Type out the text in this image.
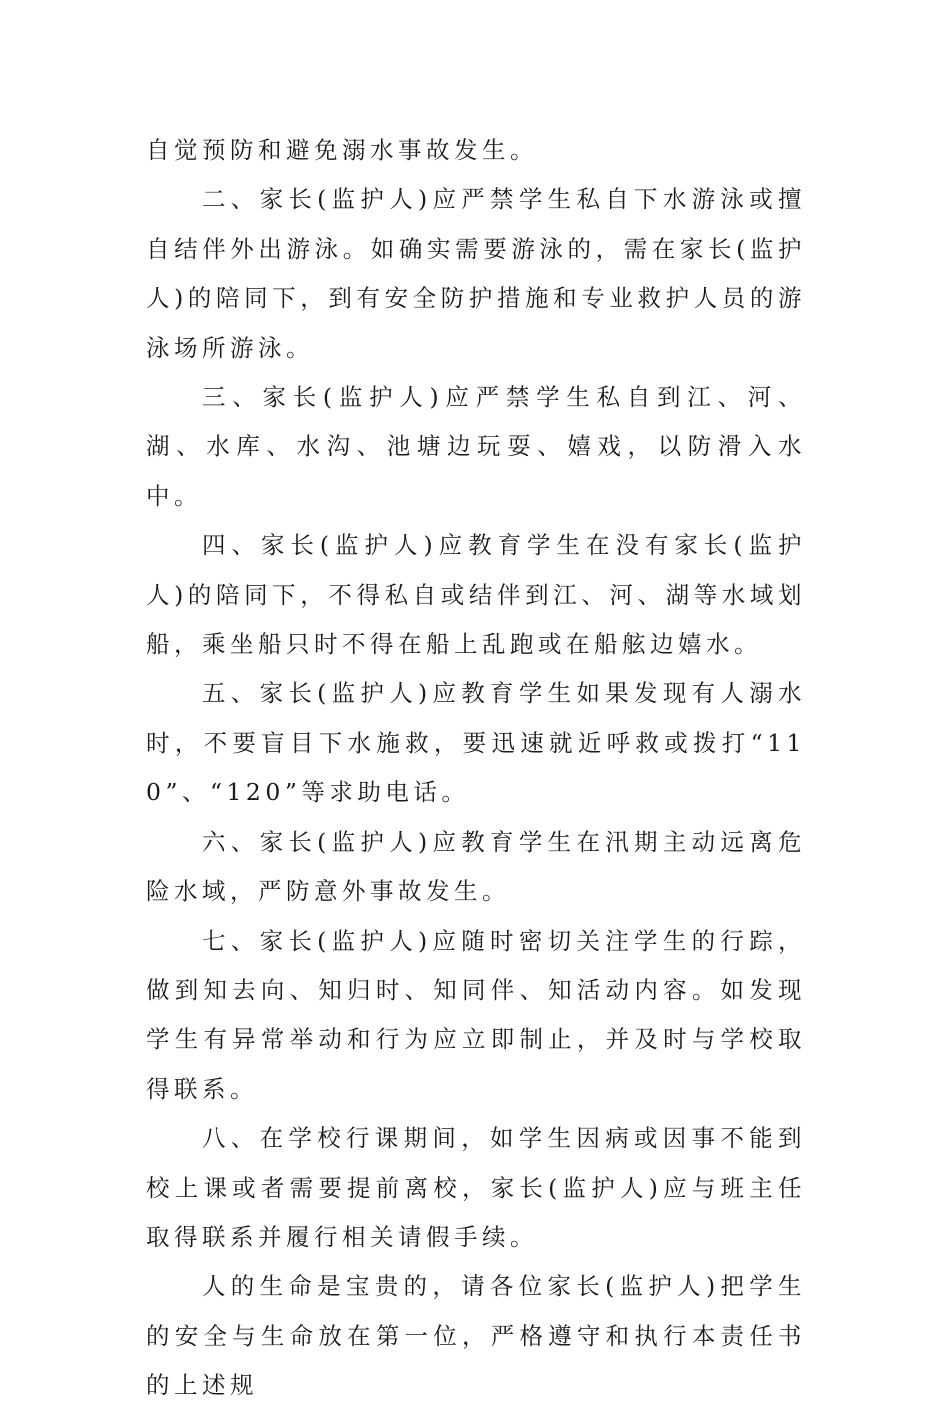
自觉预防和避免溺水事故发生。

二、家长(监护人)应严禁学生私自下水游泳或擅自结伴外出游泳。如确实需要游泳的，需在家长(监护人)的陪同下，到有安全防护措施和专业救护人员的游泳场所游泳。

三、家长(监护人)应严禁学生私自到江、河、湖、水库、水沟、池塘边玩耍、嬉戏，以防滑入水中。

四、家长(监护人)应教育学生在没有家长(监护人)的陪同下，不得私自或结伴到江、河、湖等水域划船，乘坐船只时不得在船上乱跑或在船舷边嬉水。

五、家长(监护人)应教育学生如果发现有人溺水时，不要盲目下水施救，要迅速就近呼救或拨打“110”、“120”等求助电话。

六、家长(监护人)应教育学生在汛期主动远离危险水域，严防意外事故发生。

七、家长(监护人)应随时密切关注学生的行踪，做到知去向、知归时、知同伴、知活动内容。如发现学生有异常举动和行为应立即制止，并及时与学校取得联系。

八、在学校行课期间，如学生因病或因事不能到校上课或者需要提前离校，家长(监护人)应与班主任取得联系并履行相关请假手续。

人的生命是宝贵的，请各位家长(监护人)把学生的安全与生命放在第一位，严格遵守和执行本责任书的上述规
